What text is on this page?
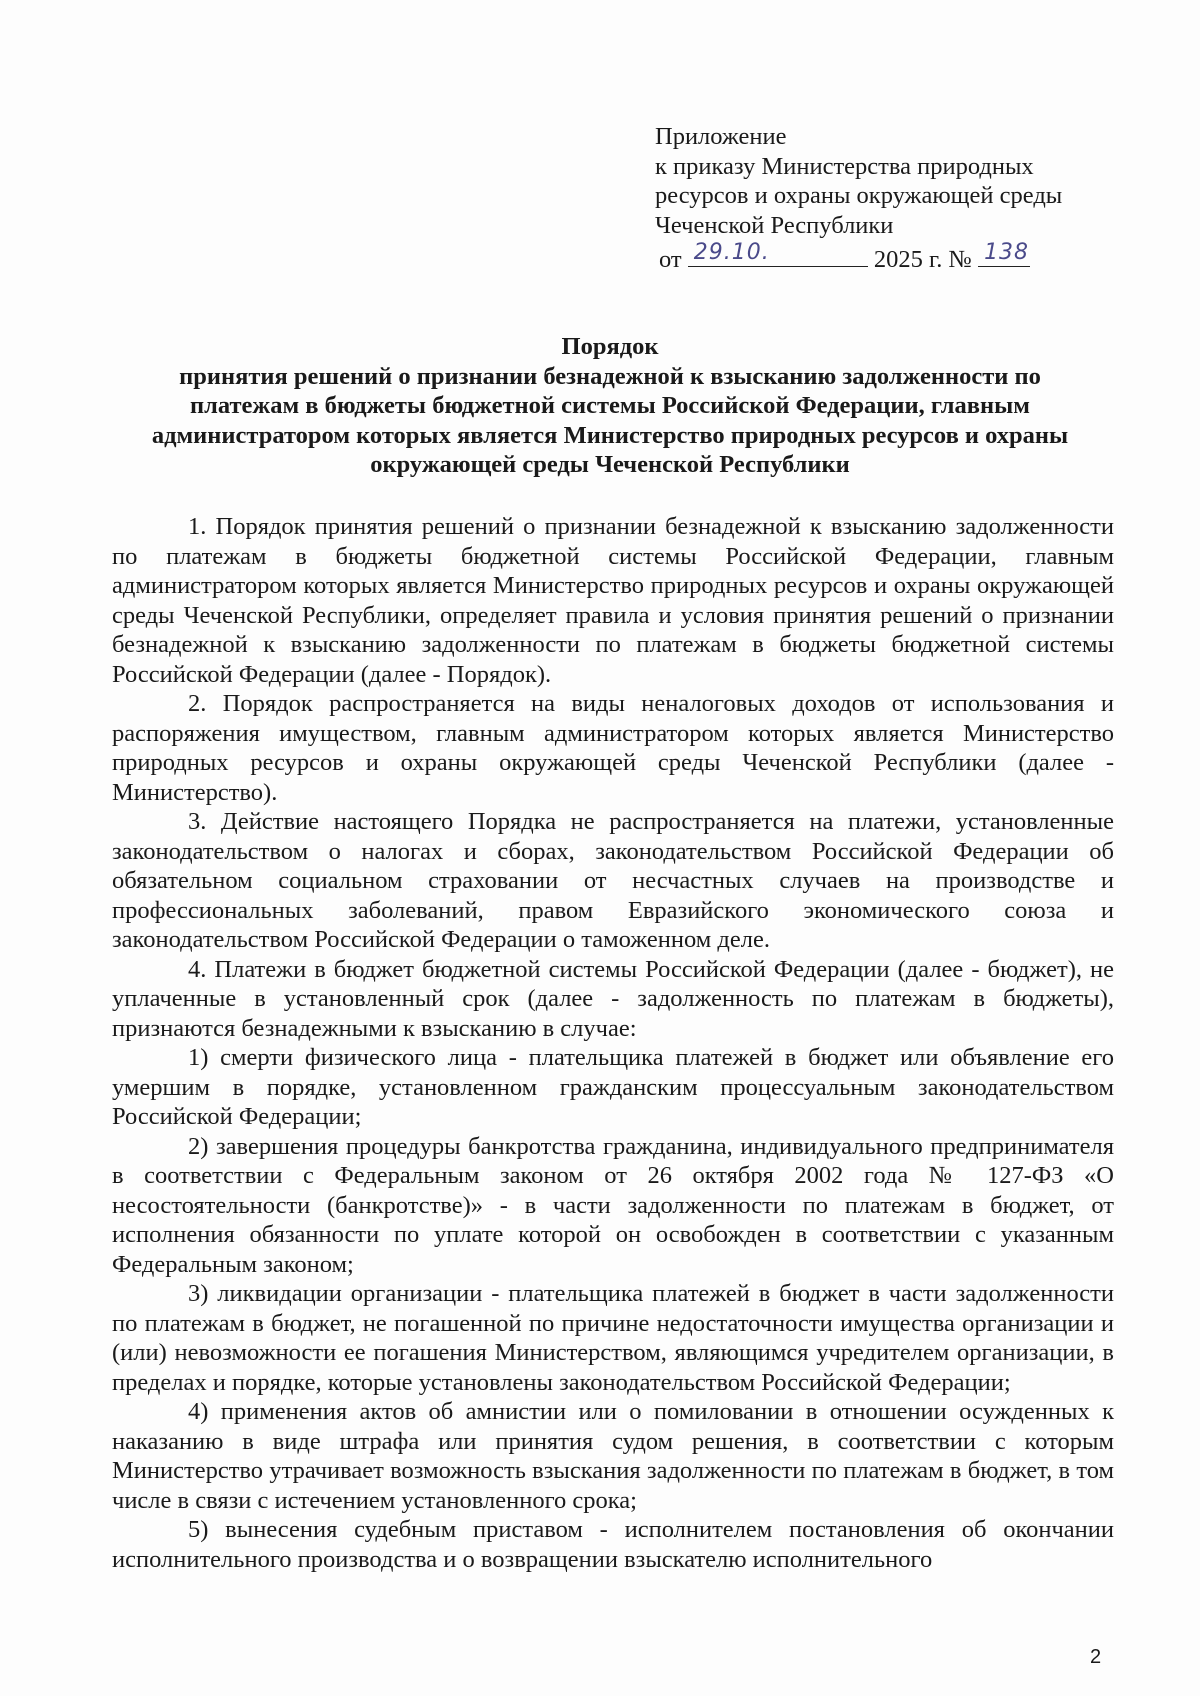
Приложение
к приказу Министерства природных
ресурсов и охраны окружающей среды
Чеченской Республики
от 29.10.	2025 г. № 138
Порядок
принятия решений о признании безнадежной к взысканию задолженности по
платежам в бюджеты бюджетной системы Российской Федерации, главным
администратором которых является Министерство природных ресурсов и охраны
окружающей среды Чеченской Республики

1. Порядок принятия решений о признании безнадежной к взысканию задолженности по платежам в бюджеты бюджетной системы Российской Федерации, главным администратором которых является Министерство природных ресурсов и охраны окружающей среды Чеченской Республики, определяет правила и условия принятия решений о признании безнадежной к взысканию задолженности по платежам в бюджеты бюджетной системы Российской Федерации (далее - Порядок).

2. Порядок распространяется на виды неналоговых доходов от использования и распоряжения имуществом, главным администратором которых является Министерство природных ресурсов и охраны окружающей среды Чеченской Республики (далее - Министерство).

3. Действие настоящего Порядка не распространяется на платежи, установленные законодательством о налогах и сборах, законодательством Российской Федерации об обязательном социальном страховании от несчастных случаев на производстве и профессиональных заболеваний, правом Евразийского экономического союза и законодательством Российской Федерации о таможенном деле.

4. Платежи в бюджет бюджетной системы Российской Федерации (далее - бюджет), не уплаченные в установленный срок (далее - задолженность по платежам в бюджеты), признаются безнадежными к взысканию в случае:

1) смерти физического лица - плательщика платежей в бюджет или объявление его умершим в порядке, установленном гражданским процессуальным законодательством Российской Федерации;

2) завершения процедуры банкротства гражданина, индивидуального предпринимателя в соответствии с Федеральным законом от 26 октября 2002 года № 127-ФЗ «О несостоятельности (банкротстве)» - в части задолженности по платежам в бюджет, от исполнения обязанности по уплате которой он освобожден в соответствии с указанным Федеральным законом;

3) ликвидации организации - плательщика платежей в бюджет в части задолженности по платежам в бюджет, не погашенной по причине недостаточности имущества организации и (или) невозможности ее погашения Министерством, являющимся учредителем организации, в пределах и порядке, которые установлены законодательством Российской Федерации;

4) применения актов об амнистии или о помиловании в отношении осужденных к наказанию в виде штрафа или принятия судом решения, в соответствии с которым Министерство утрачивает возможность взыскания задолженности по платежам в бюджет, в том числе в связи с истечением установленного срока;

5) вынесения судебным приставом - исполнителем постановления об окончании исполнительного производства и о возвращении взыскателю исполнительного

2
